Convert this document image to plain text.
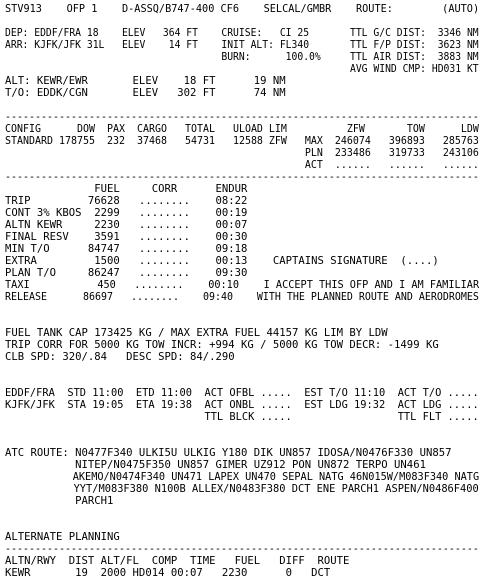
STV913    OFP 1    D-ASSQ/B747-400 CF6    SELCAL/GMBR    ROUTE:        (AUTO)
DEP: EDDF/FRA 18    ELEV   364 FT    CRUISE:   CI 25       TTL G/C DIST:  3346 NM
ARR: KJFK/JFK 31L   ELEV    14 FT    INIT ALT: FL340       TTL F/P DIST:  3623 NM
BURN:      100.0%     TTL AIR DIST:  3883 NM
AVG WIND CMP: HD031 KT
ALT: KEWR/EWR       ELEV    18 FT      19 NM
T/O: EDDK/CGN       ELEV   302 FT      74 NM
-------------------------------------------------------------------------------
CONFIG      DOW  PAX  CARGO   TOTAL   ULOAD LIM          ZFW       TOW      LDW
STANDARD 178755  232  37468   54731   12588 ZFW   MAX  246074   396893   285763
PLN  233486   319733   243106
ACT  ......   ......   ......
-------------------------------------------------------------------------------
FUEL     CORR      ENDUR
TRIP         76628   ........    08:22
CONT 3% KBOS  2299   ........    00:19
ALTN KEWR     2230   ........    00:07
FINAL RESV    3591   ........    00:30
MIN T/O      84747   ........    09:18
EXTRA         1500   ........    00:13    CAPTAINS SIGNATURE  (....)
PLAN T/O     86247   ........    09:30
TAXI           450   ........    00:10    I ACCEPT THIS OFP AND I AM FAMILIAR
RELEASE      86697   ........    09:40    WITH THE PLANNED ROUTE AND AERODROMES
FUEL TANK CAP 173425 KG / MAX EXTRA FUEL 44157 KG LIM BY LDW
TRIP CORR FOR 5000 KG TOW INCR: +994 KG / 5000 KG TOW DECR: -1499 KG
CLB SPD: 320/.84   DESC SPD: 84/.290
EDDF/FRA  STD 11:00  ETD 11:00  ACT OFBL .....  EST T/O 11:10  ACT T/O .....
KJFK/JFK  STA 19:05  ETA 19:38  ACT ONBL .....  EST LDG 19:32  ACT LDG .....
TTL BLCK .....                 TTL FLT .....
ATC ROUTE: N0477F340 ULKI5U ULKIG Y180 DIK UN857 IDOSA/N0476F330 UN857
NITEP/N0475F350 UN857 GIMER UZ912 PON UN872 TERPO UN461
AKEMO/N0474F340 UN471 LAPEX UN470 SEPAL NATG 46N015W/M083F340 NATG
YYT/M083F380 N100B ALLEX/N0483F380 DCT ENE PARCH1 ASPEN/N0486F400
PARCH1
ALTERNATE PLANNING
-------------------------------------------------------------------------------
ALTN/RWY  DIST ALT/FL  COMP  TIME   FUEL   DIFF  ROUTE
KEWR       19  2000 HD014 00:07   2230      0   DCT
